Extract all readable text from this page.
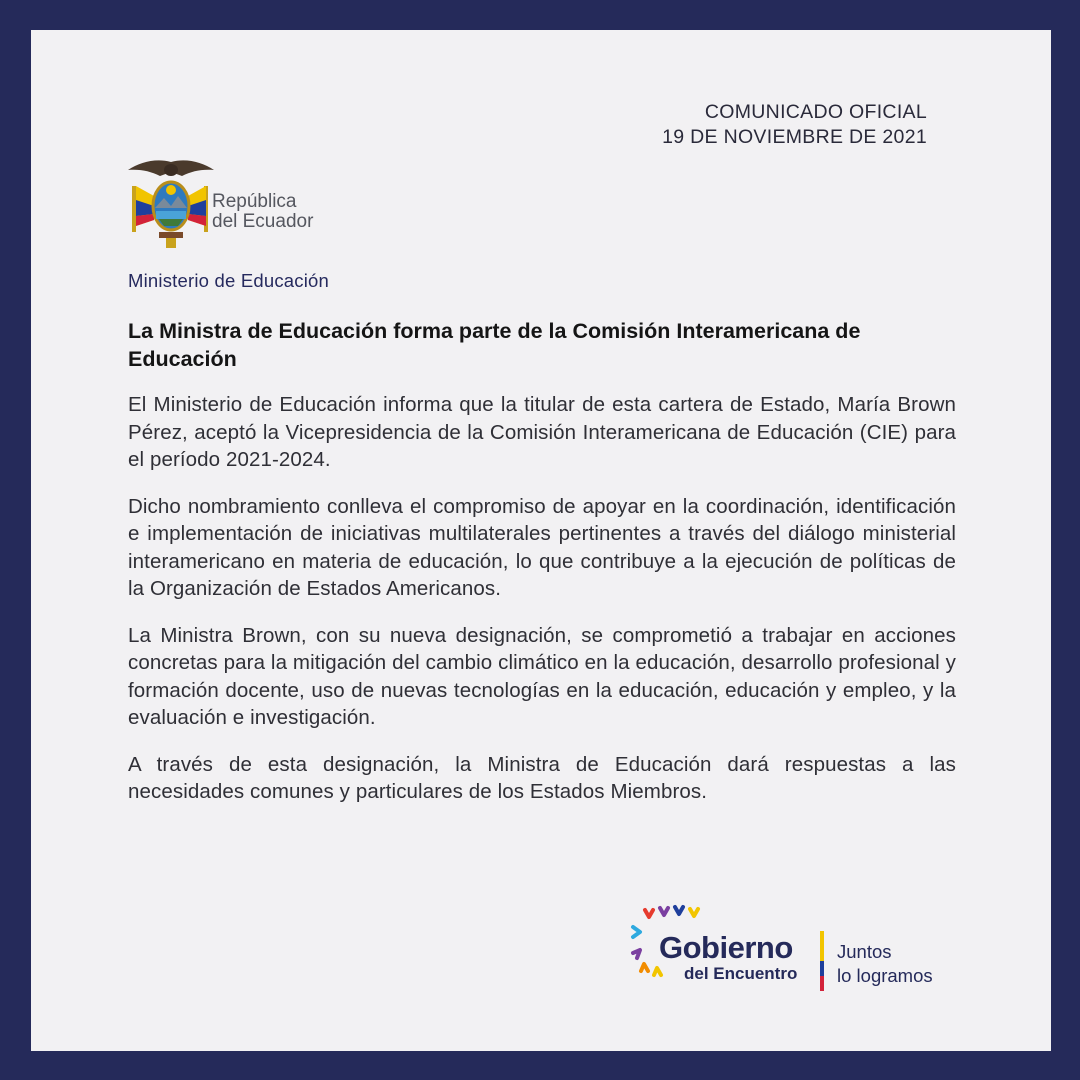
COMUNICADO OFICIAL
19 DE NOVIEMBRE DE 2021
República
del Ecuador
Ministerio de Educación
La Ministra de Educación forma parte de la Comisión Interamericana de Educación

El Ministerio de Educación informa que la titular de esta cartera de Estado, María Brown Pérez, aceptó la Vicepresidencia de la Comisión Interamericana de Educación (CIE) para el período 2021-2024.

Dicho nombramiento conlleva el compromiso de apoyar en la coordinación, identificación e implementación de iniciativas multilaterales pertinentes a través del diálogo ministerial interamericano en materia de educación, lo que contribuye a la ejecución de políticas de la Organización de Estados Americanos.

La Ministra Brown, con su nueva designación, se comprometió a trabajar en acciones concretas para la mitigación del cambio climático en la educación, desarrollo profesional y formación docente, uso de nuevas tecnologías en la educación, educación y empleo, y la evaluación e investigación.

A través de esta designación, la Ministra de Educación dará respuestas a las necesidades comunes y particulares de los Estados Miembros.

Gobierno
del Encuentro
Juntos
lo logramos
